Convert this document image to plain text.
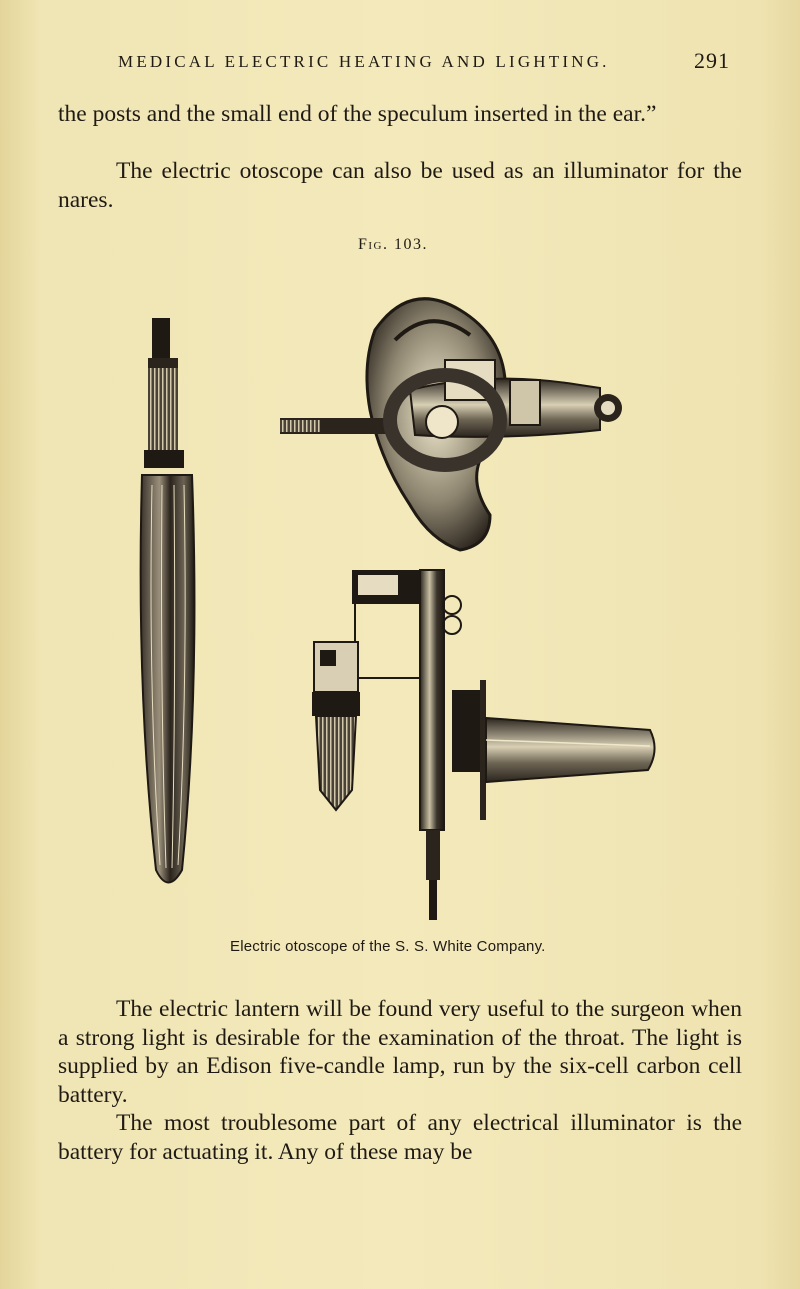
MEDICAL ELECTRIC HEATING AND LIGHTING.	291

the posts and the small end of the speculum inserted in the ear.”

The electric otoscope can also be used as an illuminator for the nares.

Fig. 103.
Electric otoscope of the S. S. White Company.

The electric lantern will be found very useful to the surgeon when a strong light is desirable for the examination of the throat. The light is supplied by an Edison five-candle lamp, run by the six-cell carbon cell battery.

The most troublesome part of any electrical illuminator is the battery for actuating it. Any of these may be
